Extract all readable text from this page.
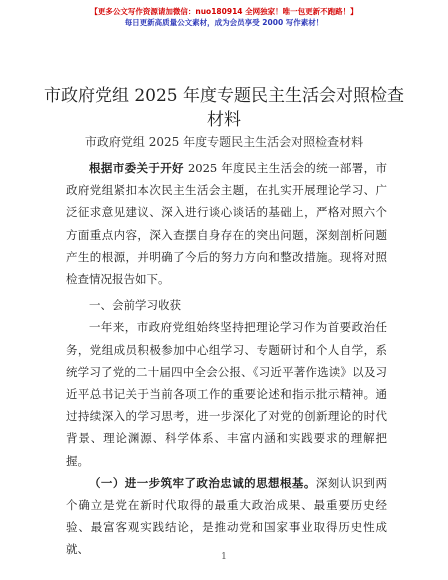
【更多公文写作资源请加微信：nuo180914 全网独家！唯一包更新不跑路！】
每日更新高质量公文素材，成为会员享受 2000 写作素材！
市政府党组 2025 年度专题民主生活会对照检查材料
市政府党组 2025 年度专题民主生活会对照检查材料

根据市委关于开好 2025 年度民主生活会的统一部署，市政府党组紧扣本次民主生活会主题，在扎实开展理论学习、广泛征求意见建议、深入进行谈心谈话的基础上，严格对照六个方面重点内容，深入查摆自身存在的突出问题，深刻剖析问题产生的根源，并明确了今后的努力方向和整改措施。现将对照检查情况报告如下。

一、会前学习收获

一年来，市政府党组始终坚持把理论学习作为首要政治任务，党组成员积极参加中心组学习、专题研讨和个人自学，系统学习了党的二十届四中全会公报、《习近平著作选读》以及习近平总书记关于当前各项工作的重要论述和指示批示精神。通过持续深入的学习思考，进一步深化了对党的创新理论的时代背景、理论渊源、科学体系、丰富内涵和实践要求的理解把握。

（一）进一步筑牢了政治忠诚的思想根基。深刻认识到两个确立是党在新时代取得的最重大政治成果、最重要历史经验、最富客观实践结论，是推动党和国家事业取得历史性成就、

1
